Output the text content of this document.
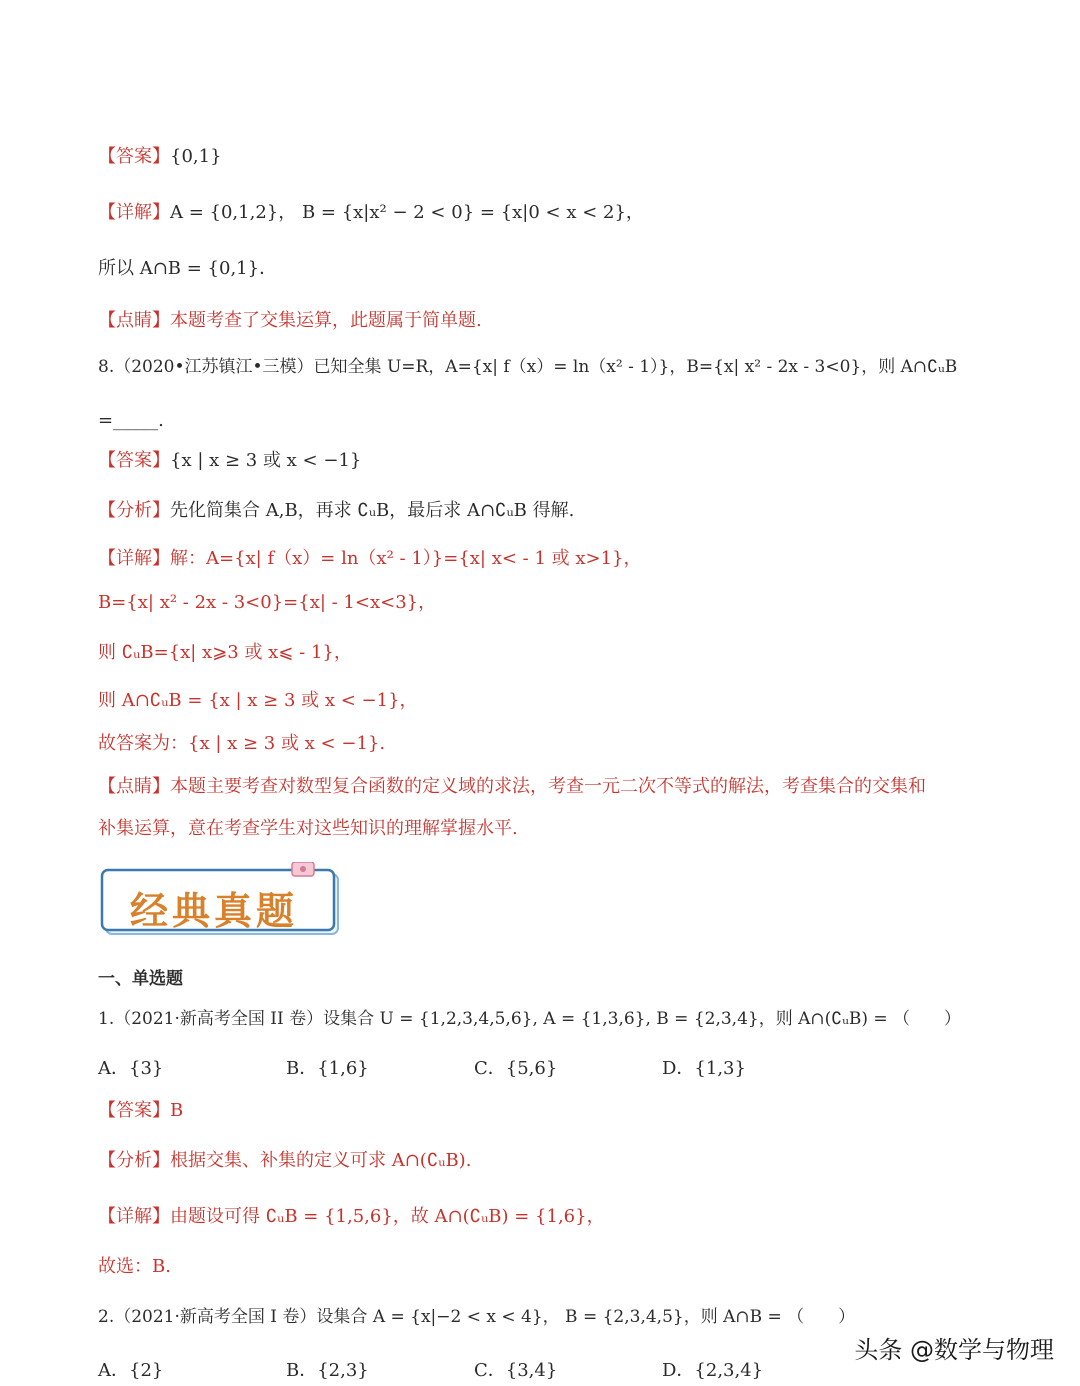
【答案】{0,1}
【详解】A = {0,1,2}， B = {x|x² − 2 < 0} = {x|0 < x < 2}，
所以 A∩B = {0,1}．
【点睛】本题考查了交集运算，此题属于简单题.
8.（2020•江苏镇江•三模）已知全集 U=R，A={x| f（x）= ln（x² - 1）}，B={x| x² - 2x - 3<0}，则 A∩∁ᵤB
=_____.
【答案】{x | x ≥ 3 或 x < −1}
【分析】先化简集合 A,B，再求 ∁ᵤB，最后求 A∩∁ᵤB 得解.
【详解】解：A={x| f（x）= ln（x² - 1）}={x| x< - 1 或 x>1}，
B={x| x² - 2x - 3<0}={x| - 1<x<3}，
则 ∁ᵤB={x| x⩾3 或 x⩽ - 1}，
则 A∩∁ᵤB = {x | x ≥ 3 或 x < −1}，
故答案为：{x | x ≥ 3 或 x < −1}.
【点睛】本题主要考查对数型复合函数的定义域的求法，考查一元二次不等式的解法，考查集合的交集和
补集运算，意在考查学生对这些知识的理解掌握水平.
经典真题
一、单选题
1.（2021·新高考全国 II 卷）设集合 U = {1,2,3,4,5,6}, A = {1,3,6}, B = {2,3,4}，则 A∩(∁ᵤB) = （　　）
A．{3}	B．{1,6}	C．{5,6}	D．{1,3}
【答案】B
【分析】根据交集、补集的定义可求 A∩(∁ᵤB).
【详解】由题设可得 ∁ᵤB = {1,5,6}，故 A∩(∁ᵤB) = {1,6}，
故选：B.
2.（2021·新高考全国 I 卷）设集合 A = {x|−2 < x < 4}， B = {2,3,4,5}，则 A∩B = （　　）
A．{2}	B．{2,3}	C．{3,4}	D．{2,3,4}
头条 @数学与物理
